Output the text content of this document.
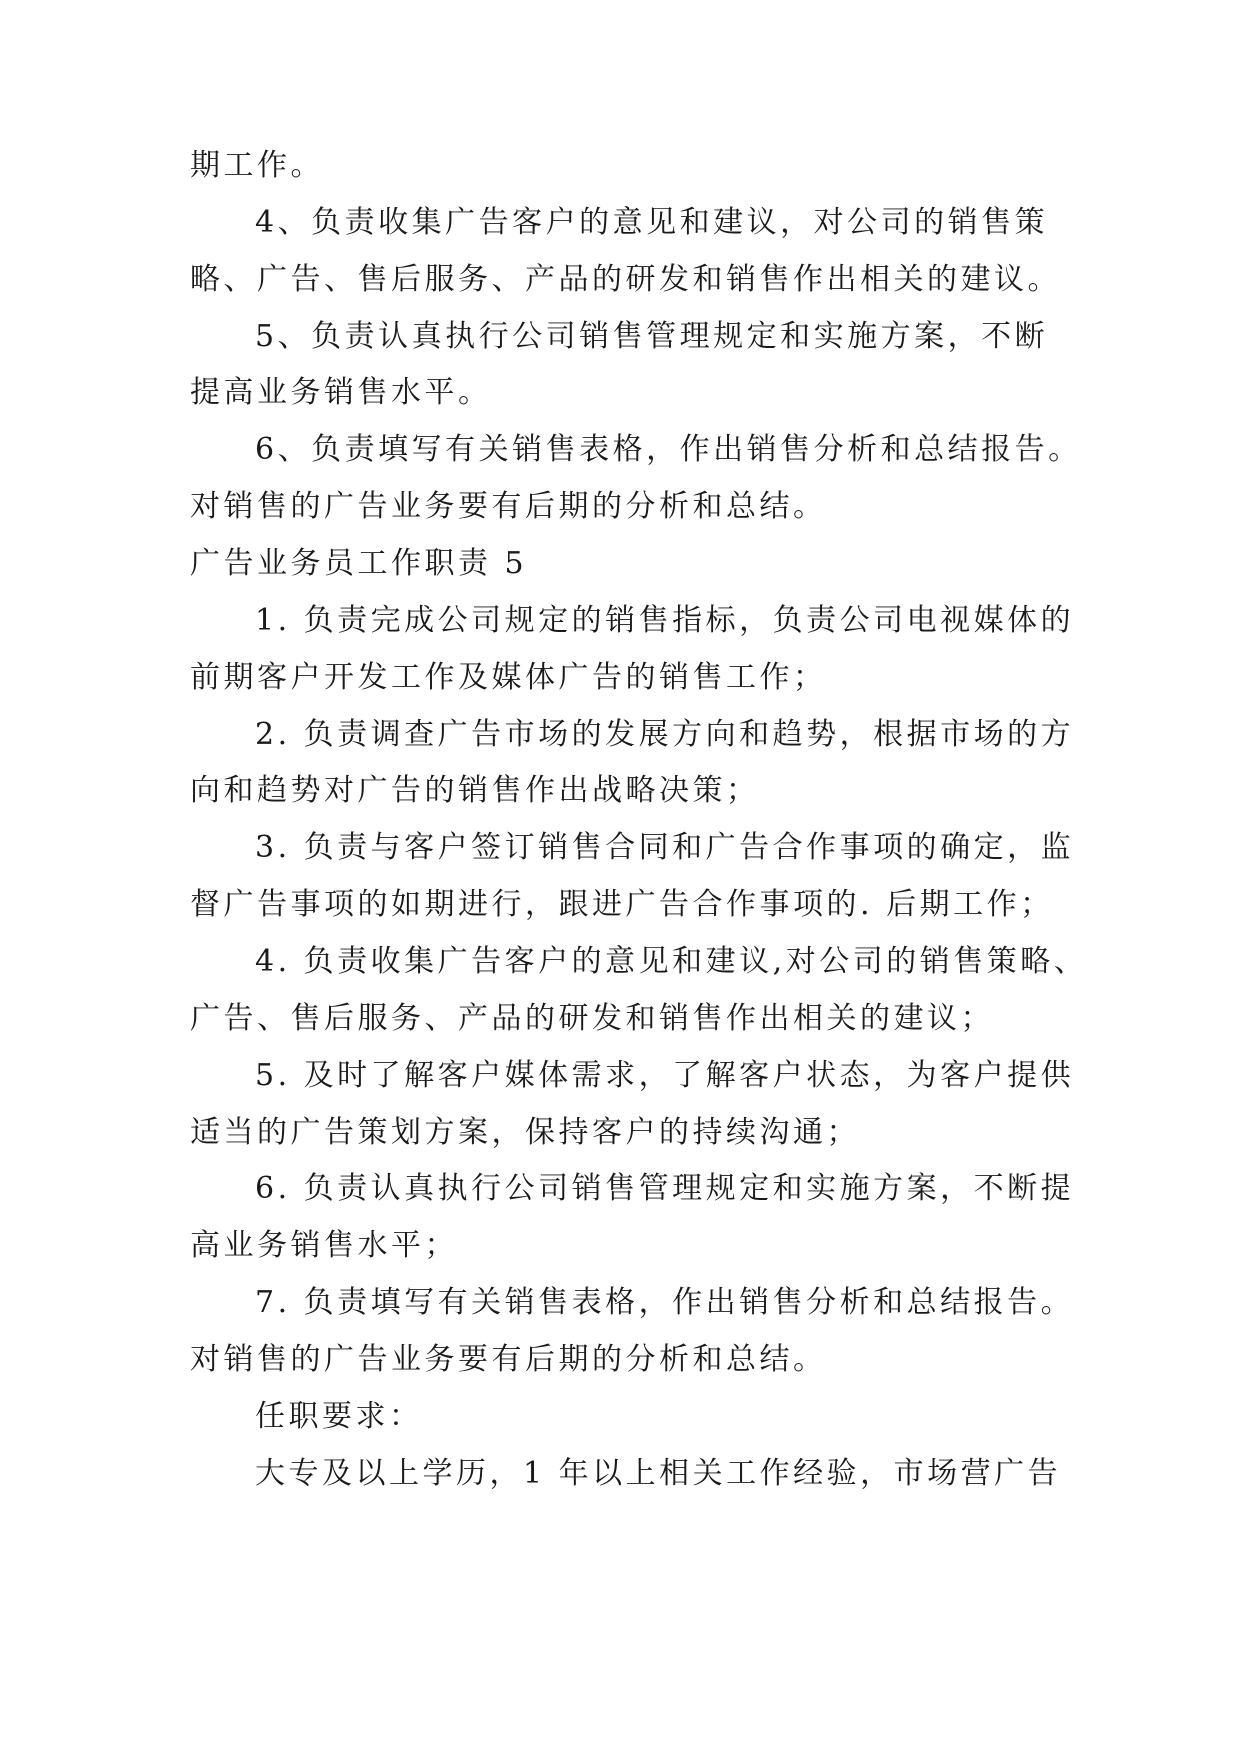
期工作。
4、负责收集广告客户的意见和建议，对公司的销售策
略、广告、售后服务、产品的研发和销售作出相关的建议。
5、负责认真执行公司销售管理规定和实施方案，不断
提高业务销售水平。
6、负责填写有关销售表格，作出销售分析和总结报告。
对销售的广告业务要有后期的分析和总结。
广告业务员工作职责 5
1. 负责完成公司规定的销售指标，负责公司电视媒体的
前期客户开发工作及媒体广告的销售工作；
2. 负责调查广告市场的发展方向和趋势，根据市场的方
向和趋势对广告的销售作出战略决策；
3. 负责与客户签订销售合同和广告合作事项的确定，监
督广告事项的如期进行，跟进广告合作事项的. 后期工作；
4. 负责收集广告客户的意见和建议,对公司的销售策略、
广告、售后服务、产品的研发和销售作出相关的建议；
5. 及时了解客户媒体需求，了解客户状态，为客户提供
适当的广告策划方案，保持客户的持续沟通；
6. 负责认真执行公司销售管理规定和实施方案，不断提
高业务销售水平；
7. 负责填写有关销售表格，作出销售分析和总结报告。
对销售的广告业务要有后期的分析和总结。
任职要求：
大专及以上学历，1 年以上相关工作经验，市场营广告
